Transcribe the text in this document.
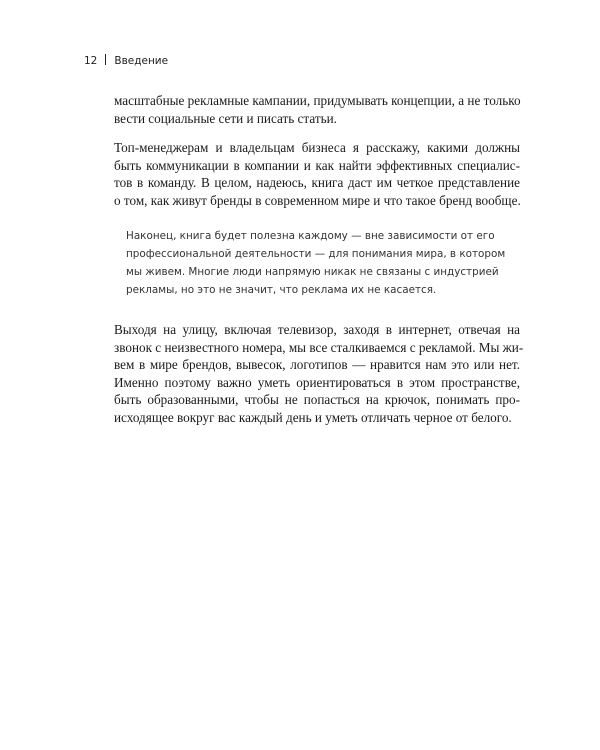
12 Введение

масштабные рекламные кампании, придумывать концепции, а не только
вести социальные сети и писать статьи.

Топ-менеджерам и владельцам бизнеса я расскажу, какими должны
быть коммуникации в компании и как найти эффективных специалис-
тов в команду. В целом, надеюсь, книга даст им четкое представление
о том, как живут бренды в современном мире и что такое бренд вообще.

Наконец, книга будет полезна каждому — вне зависимости от его
профессиональной деятельности — для понимания мира, в котором
мы живем. Многие люди напрямую никак не связаны с индустрией
рекламы, но это не значит, что реклама их не касается.

Выходя на улицу, включая телевизор, заходя в интернет, отвечая на
звонок с неизвестного номера, мы все сталкиваемся с рекламой. Мы жи-
вем в мире брендов, вывесок, логотипов — нравится нам это или нет.
Именно поэтому важно уметь ориентироваться в этом пространстве,
быть образованными, чтобы не попасться на крючок, понимать про-
исходящее вокруг вас каждый день и уметь отличать черное от белого.
